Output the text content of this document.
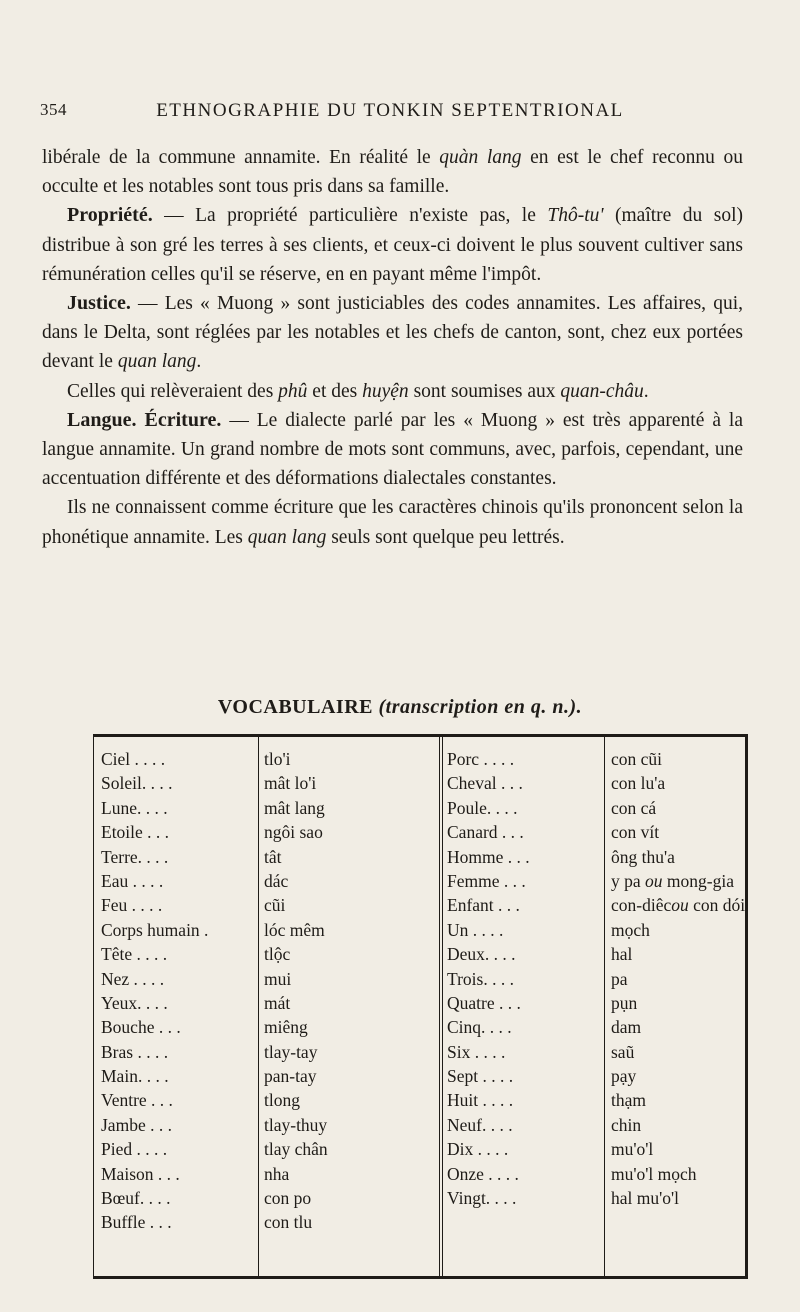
354	ETHNOGRAPHIE DU TONKIN SEPTENTRIONAL

libérale de la commune annamite. En réalité le quàn lang en est le chef reconnu ou occulte et les notables sont tous pris dans sa famille.

Propriété. — La propriété particulière n'existe pas, le Thô-tu' (maître du sol) distribue à son gré les terres à ses clients, et ceux-ci doivent le plus souvent cultiver sans rémunération celles qu'il se réserve, en en payant même l'impôt.

Justice. — Les « Muong » sont justiciables des codes annamites. Les affaires, qui, dans le Delta, sont réglées par les notables et les chefs de canton, sont, chez eux portées devant le quan lang.

Celles qui relèveraient des phû et des huyện sont soumises aux quan-châu.

Langue. Écriture. — Le dialecte parlé par les « Muong » est très apparenté à la langue annamite. Un grand nombre de mots sont communs, avec, parfois, cependant, une accentuation différente et des déformations dialectales constantes.

Ils ne connaissent comme écriture que les caractères chinois qu'ils prononcent selon la phonétique annamite. Les quan lang seuls sont quelque peu lettrés.

VOCABULAIRE (transcription en q. n.).
Ciel . . . .
Soleil. . . .
Lune. . . .
Etoile . . .
Terre. . . .
Eau . . . .
Feu . . . .
Corps humain .
Tête . . . .
Nez . . . .
Yeux. . . .
Bouche . . .
Bras . . . .
Main. . . .
Ventre . . .
Jambe . . .
Pied . . . .
Maison . . .
Bœuf. . . .
Buffle . . .
tlo'i
mât lo'i
mât lang
ngôi sao
tât
dác
cũi
lóc mêm
tlộc
mui
mát
miêng
tlay-tay
pan-tay
tlong
tlay-thuy
tlay chân
nha
con po
con tlu
Porc . . . .
Cheval . . .
Poule. . . .
Canard . . .
Homme . . .
Femme . . .
Enfant . . .
Un . . . .
Deux. . . .
Trois. . . .
Quatre . . .
Cinq. . . .
Six . . . .
Sept . . . .
Huit . . . .
Neuf. . . .
Dix . . . .
Onze . . . .
Vingt. . . .
con cũi
con lu'a
con cá
con vít
ông thu'a
y pa ou mong-gia
con-diêcou con dói
mọch
hal
pa
pụn
dam
saũ
pạy
thạm
chin
mu'o'l
mu'o'l mọch
hal mu'o'l
